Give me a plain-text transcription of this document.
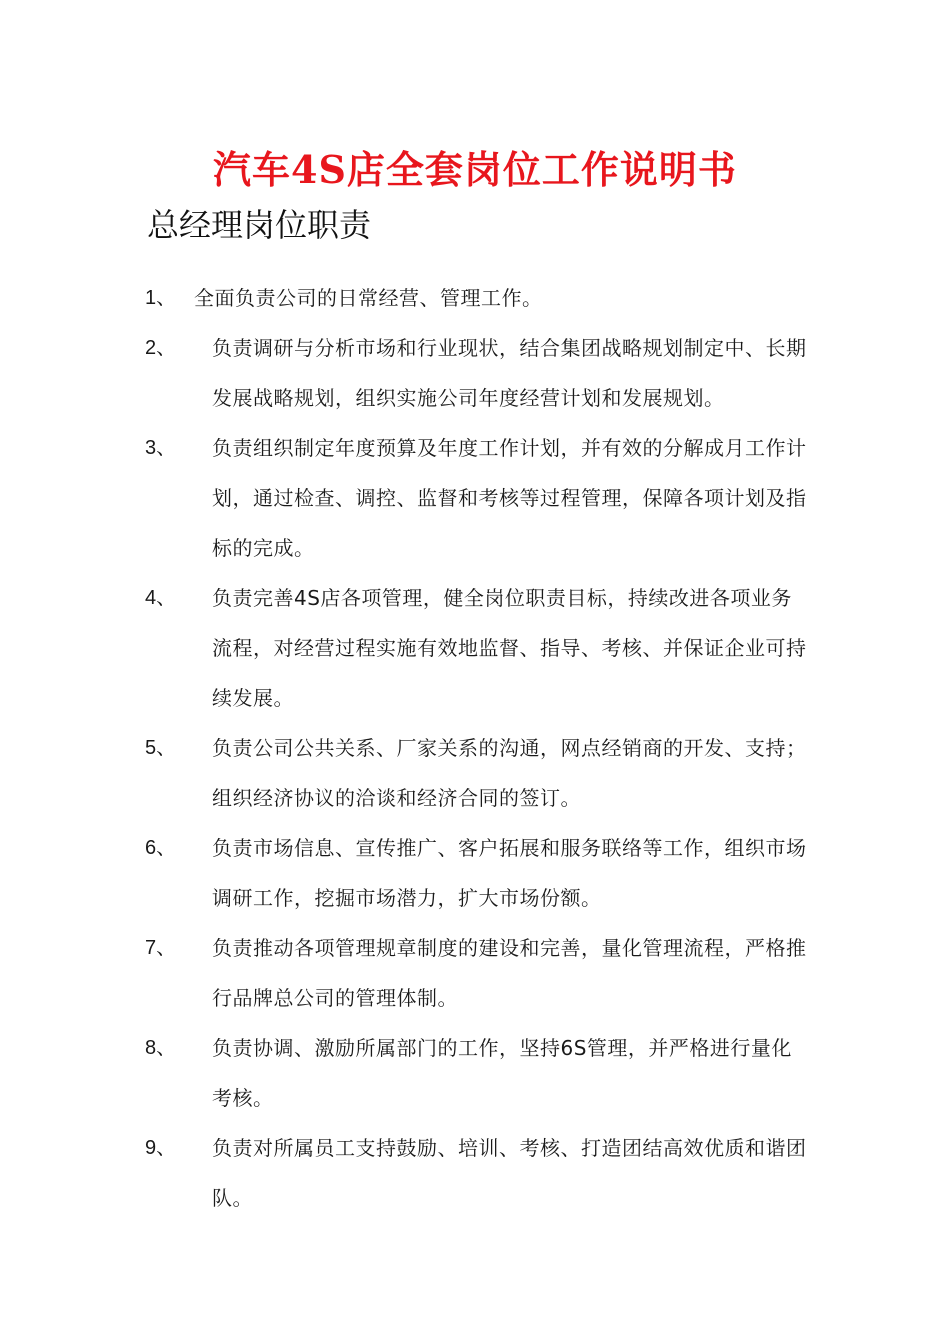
汽车4S店全套岗位工作说明书
总经理岗位职责
1、 全面负责公司的日常经营、管理工作。
2、 负责调研与分析市场和行业现状，结合集团战略规划制定中、长期发展战略规划，组织实施公司年度经营计划和发展规划。
3、 负责组织制定年度预算及年度工作计划，并有效的分解成月工作计划，通过检查、调控、监督和考核等过程管理，保障各项计划及指标的完成。
4、 负责完善4S店各项管理，健全岗位职责目标，持续改进各项业务流程，对经营过程实施有效地监督、指导、考核、并保证企业可持续发展。
5、 负责公司公共关系、厂家关系的沟通，网点经销商的开发、支持；组织经济协议的洽谈和经济合同的签订。
6、 负责市场信息、宣传推广、客户拓展和服务联络等工作，组织市场调研工作，挖掘市场潜力，扩大市场份额。
7、 负责推动各项管理规章制度的建设和完善，量化管理流程，严格推行品牌总公司的管理体制。
8、 负责协调、激励所属部门的工作，坚持6S管理，并严格进行量化考核。
9、 负责对所属员工支持鼓励、培训、考核、打造团结高效优质和谐团队。
